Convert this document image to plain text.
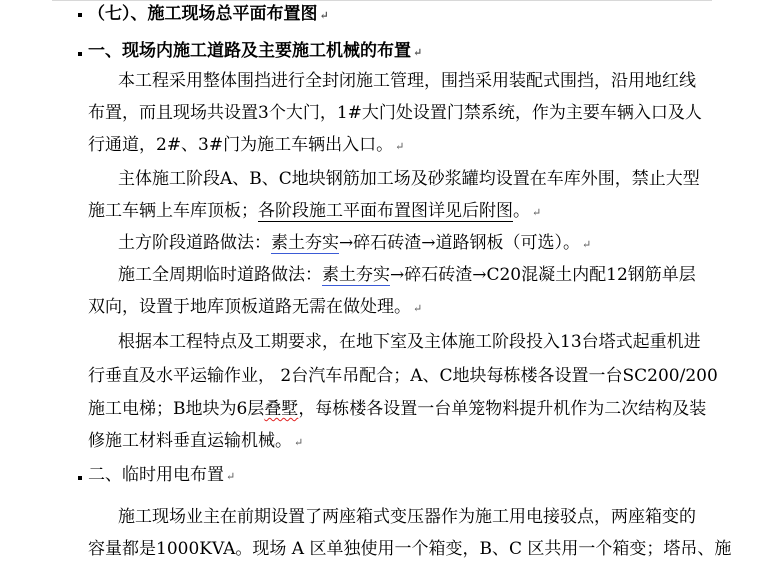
（七）、施工现场总平面布置图 ↵
一、现场内施工道路及主要施工机械的布置 ↵
本工程采用整体围挡进行全封闭施工管理，围挡采用装配式围挡，沿用地红线
布置，而且现场共设置3个大门，1#大门处设置门禁系统，作为主要车辆入口及人
行通道，2#、3#门为施工车辆出入口。 ↵
主体施工阶段A、B、C地块钢筋加工场及砂浆罐均设置在车库外围，禁止大型
施工车辆上车库顶板；各阶段施工平面布置图详见后附图。 ↵
土方阶段道路做法：素土夯实→碎石砖渣→道路钢板（可选）。 ↵
施工全周期临时道路做法：素土夯实→碎石砖渣→C20混凝土内配12钢筋单层
双向，设置于地库顶板道路无需在做处理。 ↵
根据本工程特点及工期要求，在地下室及主体施工阶段投入13台塔式起重机进
行垂直及水平运输作业， 2台汽车吊配合；A、C地块每栋楼各设置一台SC200/200
施工电梯；B地块为6层叠墅，每栋楼各设置一台单笼物料提升机作为二次结构及装
修施工材料垂直运输机械。 ↵
二、临时用电布置 ↵
施工现场业主在前期设置了两座箱式变压器作为施工用电接驳点，两座箱变的
容量都是1000KVA。现场 A 区单独使用一个箱变，B、C 区共用一个箱变；塔吊、施
